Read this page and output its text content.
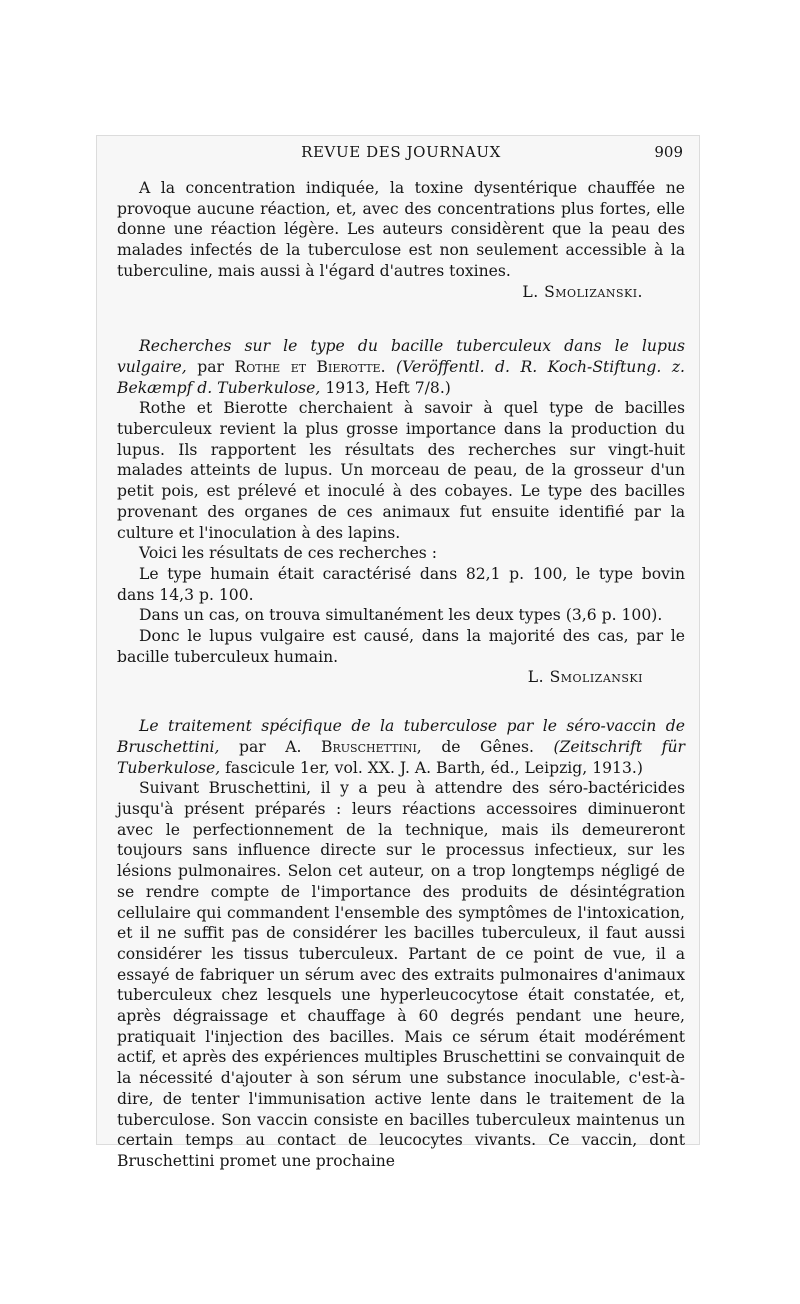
REVUE DES JOURNAUX	909

A la concentration indiquée, la toxine dysentérique chauffée ne provoque aucune réaction, et, avec des concentrations plus fortes, elle donne une réaction légère. Les auteurs considèrent que la peau des malades infectés de la tuberculose est non seulement accessible à la tuberculine, mais aussi à l'égard d'autres toxines.

L. Smolizanski.

Recherches sur le type du bacille tuberculeux dans le lupus vulgaire, par Rothe et Bierotte. (Veröffentl. d. R. Koch-Stiftung. z. Bekæmpf d. Tuberkulose, 1913, Heft 7/8.)

Rothe et Bierotte cherchaient à savoir à quel type de bacilles tuberculeux revient la plus grosse importance dans la production du lupus. Ils rapportent les résultats des recherches sur vingt-huit malades atteints de lupus. Un morceau de peau, de la grosseur d'un petit pois, est prélevé et inoculé à des cobayes. Le type des bacilles provenant des organes de ces animaux fut ensuite identifié par la culture et l'inoculation à des lapins.

Voici les résultats de ces recherches :

Le type humain était caractérisé dans 82,1 p. 100, le type bovin dans 14,3 p. 100.

Dans un cas, on trouva simultanément les deux types (3,6 p. 100).

Donc le lupus vulgaire est causé, dans la majorité des cas, par le bacille tuberculeux humain.

L. Smolizanski

Le traitement spécifique de la tuberculose par le séro-vaccin de Bruschettini, par A. Bruschettini, de Gênes. (Zeitschrift für Tuberkulose, fascicule 1er, vol. XX. J. A. Barth, éd., Leipzig, 1913.)

Suivant Bruschettini, il y a peu à attendre des séro-bactéricides jusqu'à présent préparés : leurs réactions accessoires diminueront avec le perfectionnement de la technique, mais ils demeureront toujours sans influence directe sur le processus infectieux, sur les lésions pulmonaires. Selon cet auteur, on a trop longtemps négligé de se rendre compte de l'importance des produits de désintégration cellulaire qui commandent l'ensemble des symptômes de l'intoxication, et il ne suffit pas de considérer les bacilles tuberculeux, il faut aussi considérer les tissus tuberculeux. Partant de ce point de vue, il a essayé de fabriquer un sérum avec des extraits pulmonaires d'animaux tuberculeux chez lesquels une hyperleucocytose était constatée, et, après dégraissage et chauffage à 60 degrés pendant une heure, pratiquait l'injection des bacilles. Mais ce sérum était modérément actif, et après des expériences multiples Bruschettini se convainquit de la nécessité d'ajouter à son sérum une substance inoculable, c'est-à-dire, de tenter l'immunisation active lente dans le traitement de la tuberculose. Son vaccin consiste en bacilles tuberculeux maintenus un certain temps au contact de leucocytes vivants. Ce vaccin, dont Bruschettini promet une prochaine
